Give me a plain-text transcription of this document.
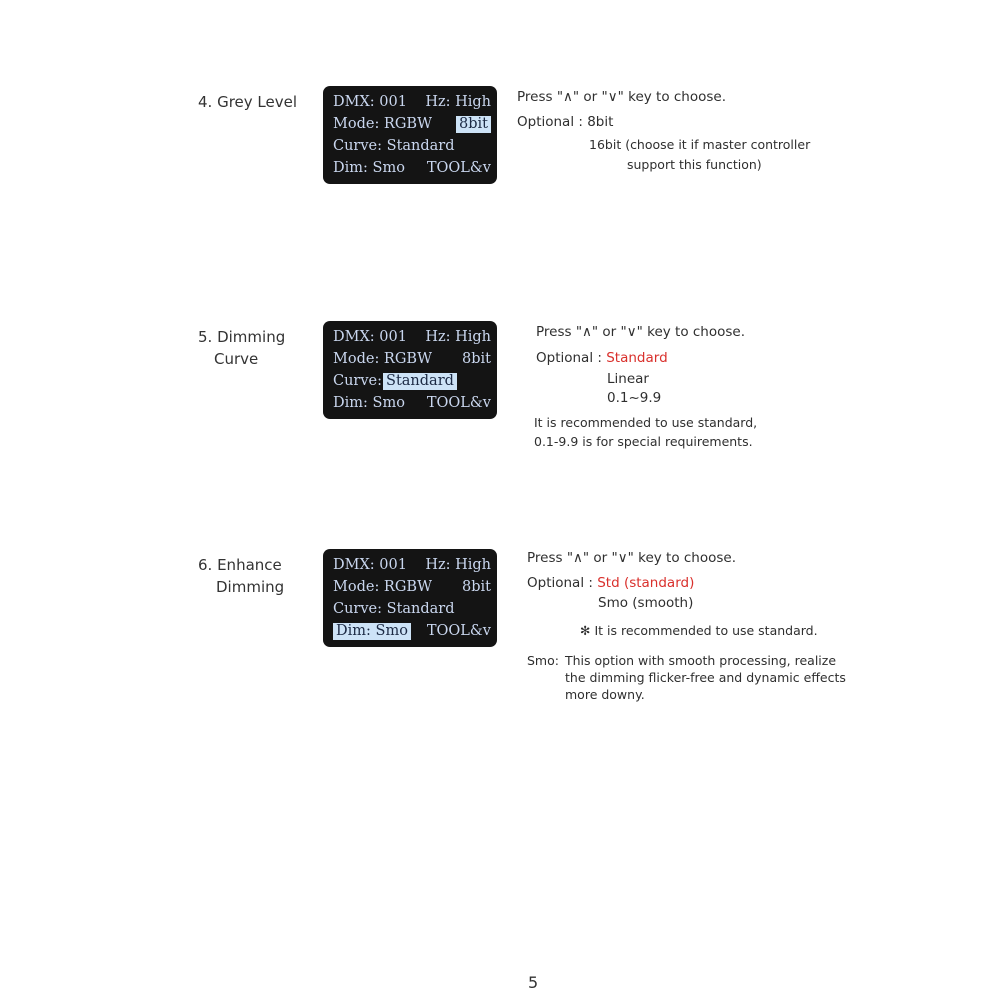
4. Grey Level DMX: 001 Hz: High
Mode: RGBW 8bit
Curve: Standard
Dim: Smo TOOL&v
Press "∧" or "∨" key to choose.
Optional : 8bit
16bit (choose it if master controller
support this function)
5. Dimming
Curve
DMX: 001 Hz: High
Mode: RGBW 8bit
Curve: Standard
Dim: Smo TOOL&v
Press "∧" or "∨" key to choose.
Optional : Standard
Linear
0.1~9.9
It is recommended to use standard,
0.1-9.9 is for special requirements.
6. Enhance
Dimming
DMX: 001 Hz: High
Mode: RGBW 8bit
Curve: Standard
Dim: Smo TOOL&v
Press "∧" or "∨" key to choose.
Optional : Std (standard)
Smo (smooth)
✻ It is recommended to use standard.
Smo: This option with smooth processing, realize
the dimming flicker-free and dynamic effects
more downy.
5
